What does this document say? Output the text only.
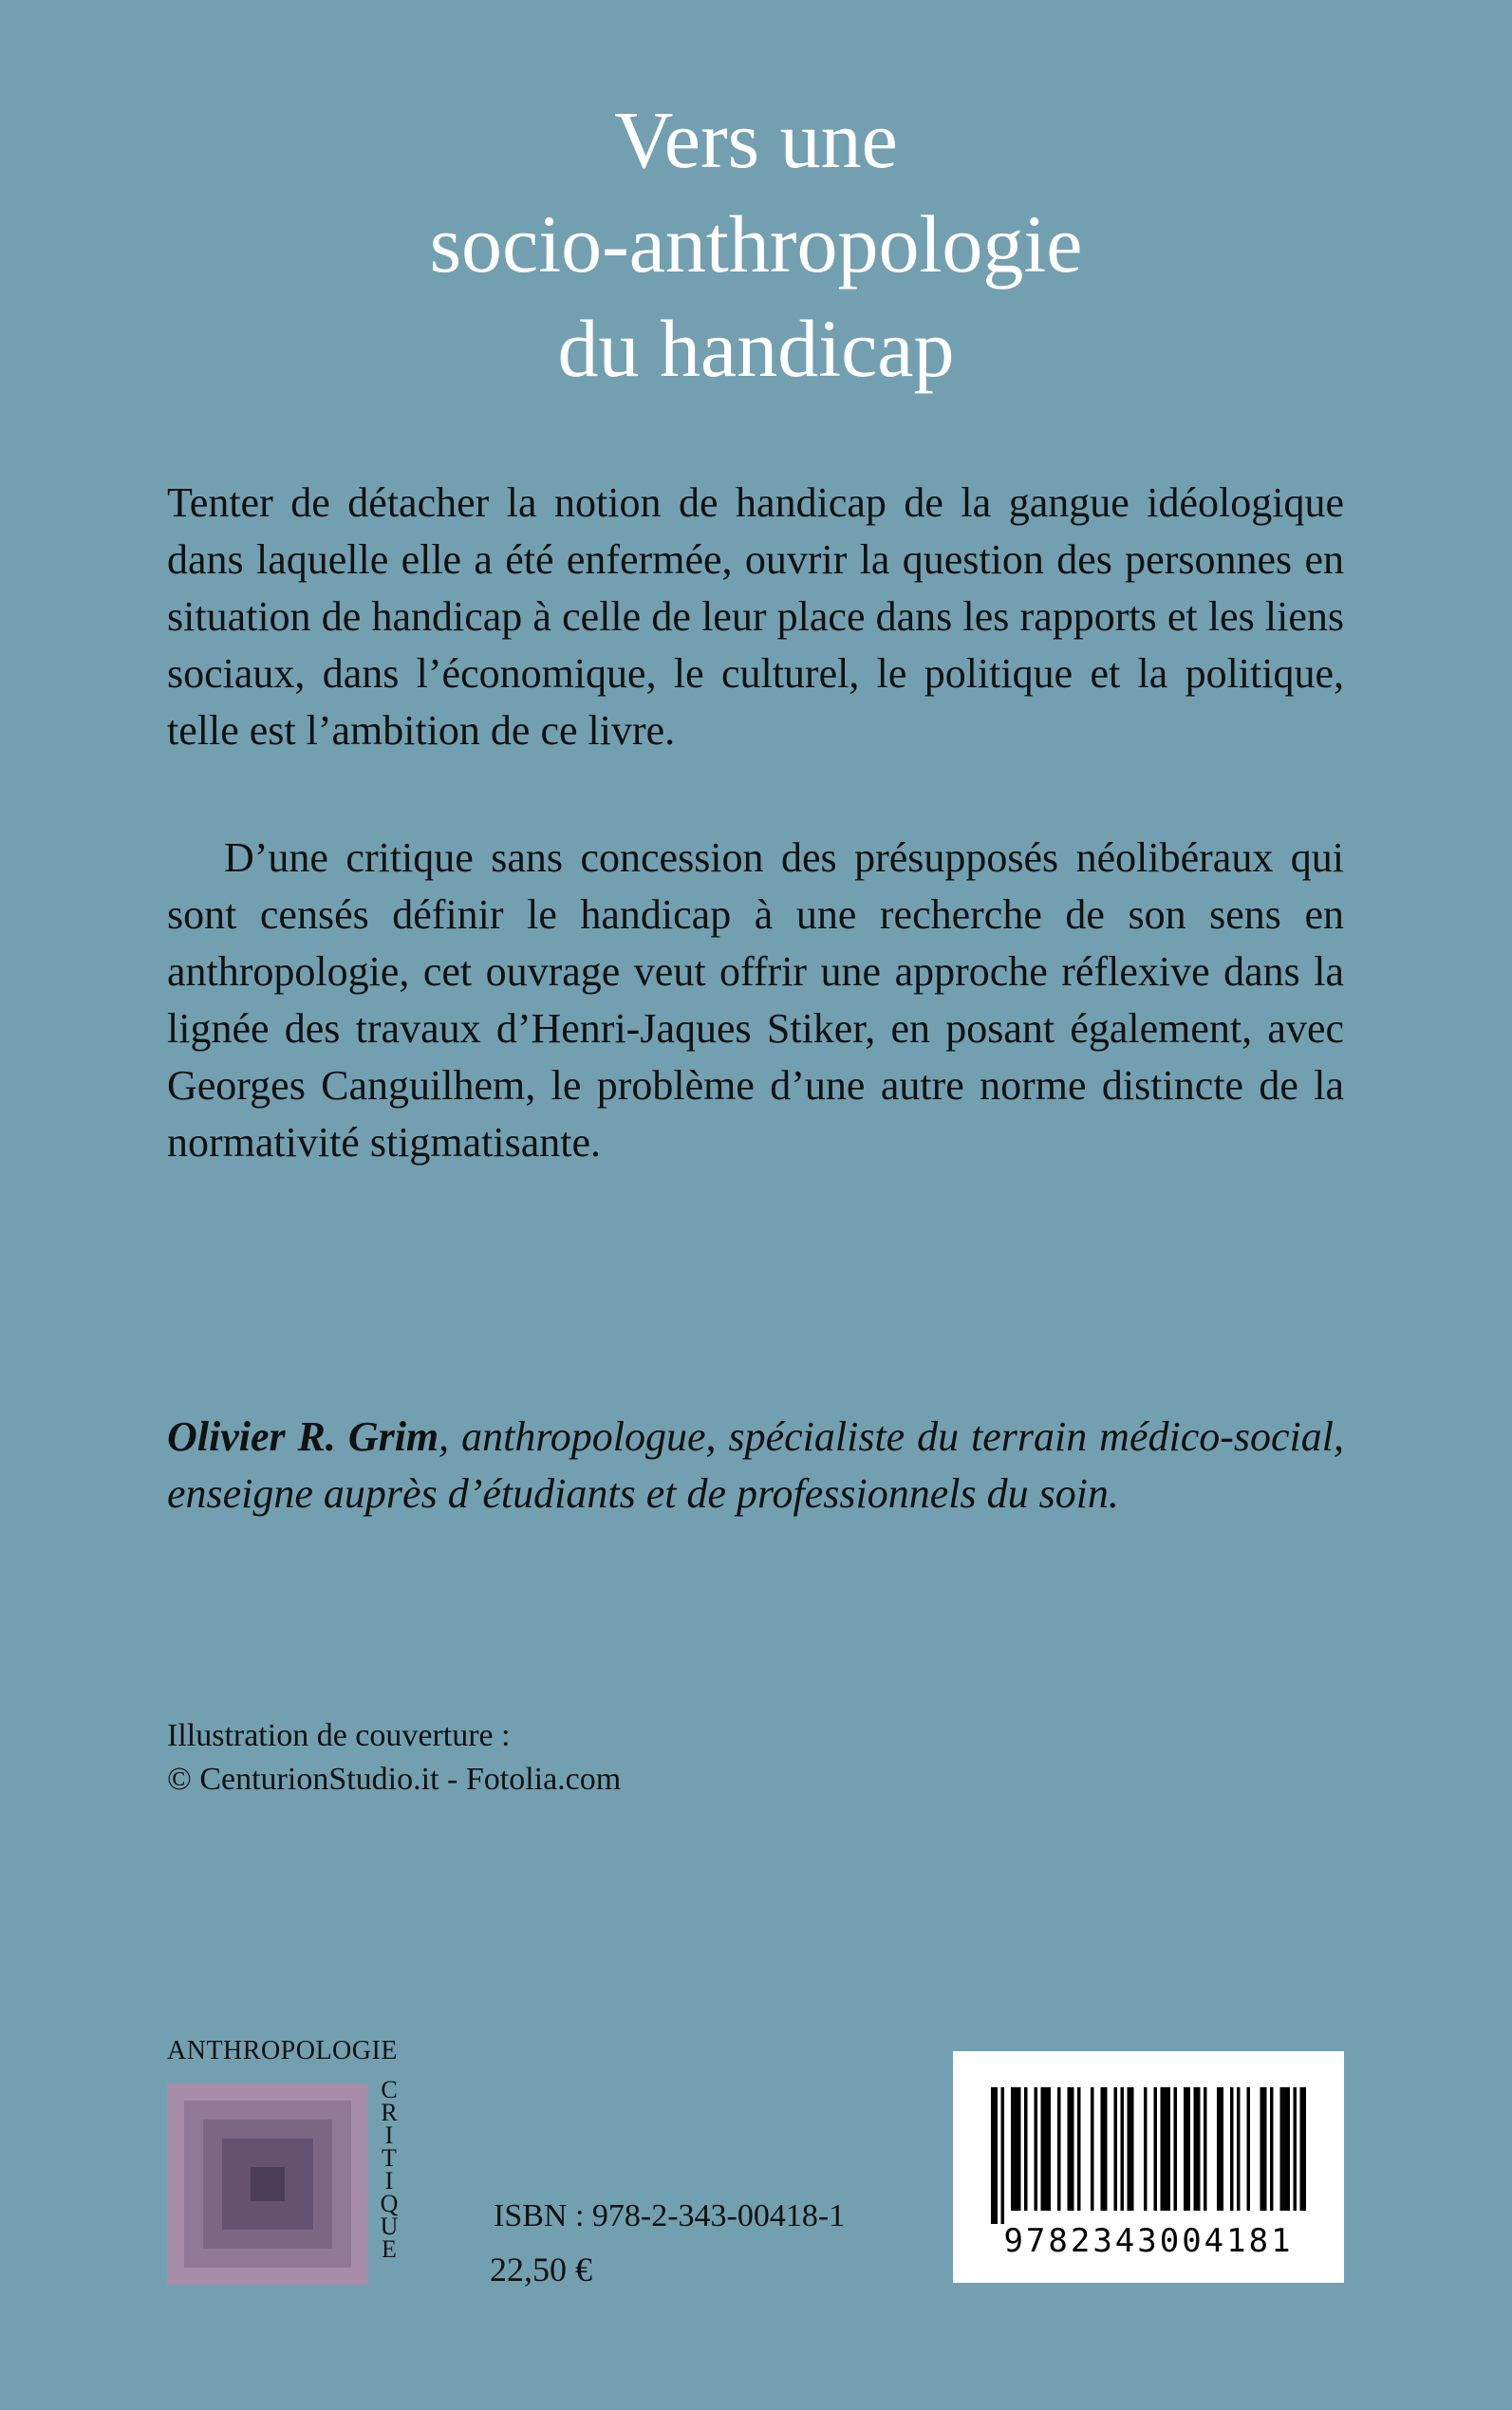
Vers une
socio-anthropologie
du handicap

Tenter de détacher la notion de handicap de la gangue idéologique dans laquelle elle a été enfermée, ouvrir la question des personnes en situation de handicap à celle de leur place dans les rapports et les liens sociaux, dans l’économique, le culturel, le politique et la politique, telle est l’ambition de ce livre.

D’une critique sans concession des présupposés néolibéraux qui sont censés définir le handicap à une recherche de son sens en anthropologie, cet ouvrage veut offrir une approche réflexive dans la lignée des travaux d’Henri-Jaques Stiker, en posant également, avec Georges Canguilhem, le problème d’une autre norme distincte de la normativité stigmatisante.

Olivier R. Grim, anthropologue, spécialiste du terrain médico-social, enseigne auprès d’étudiants et de professionnels du soin.

Illustration de couverture :
© CenturionStudio.it - Fotolia.com
ANTHROPOLOGIE
CRITIQUE
ISBN : 978-2-343-00418-1
22,50 €
9782343004181
